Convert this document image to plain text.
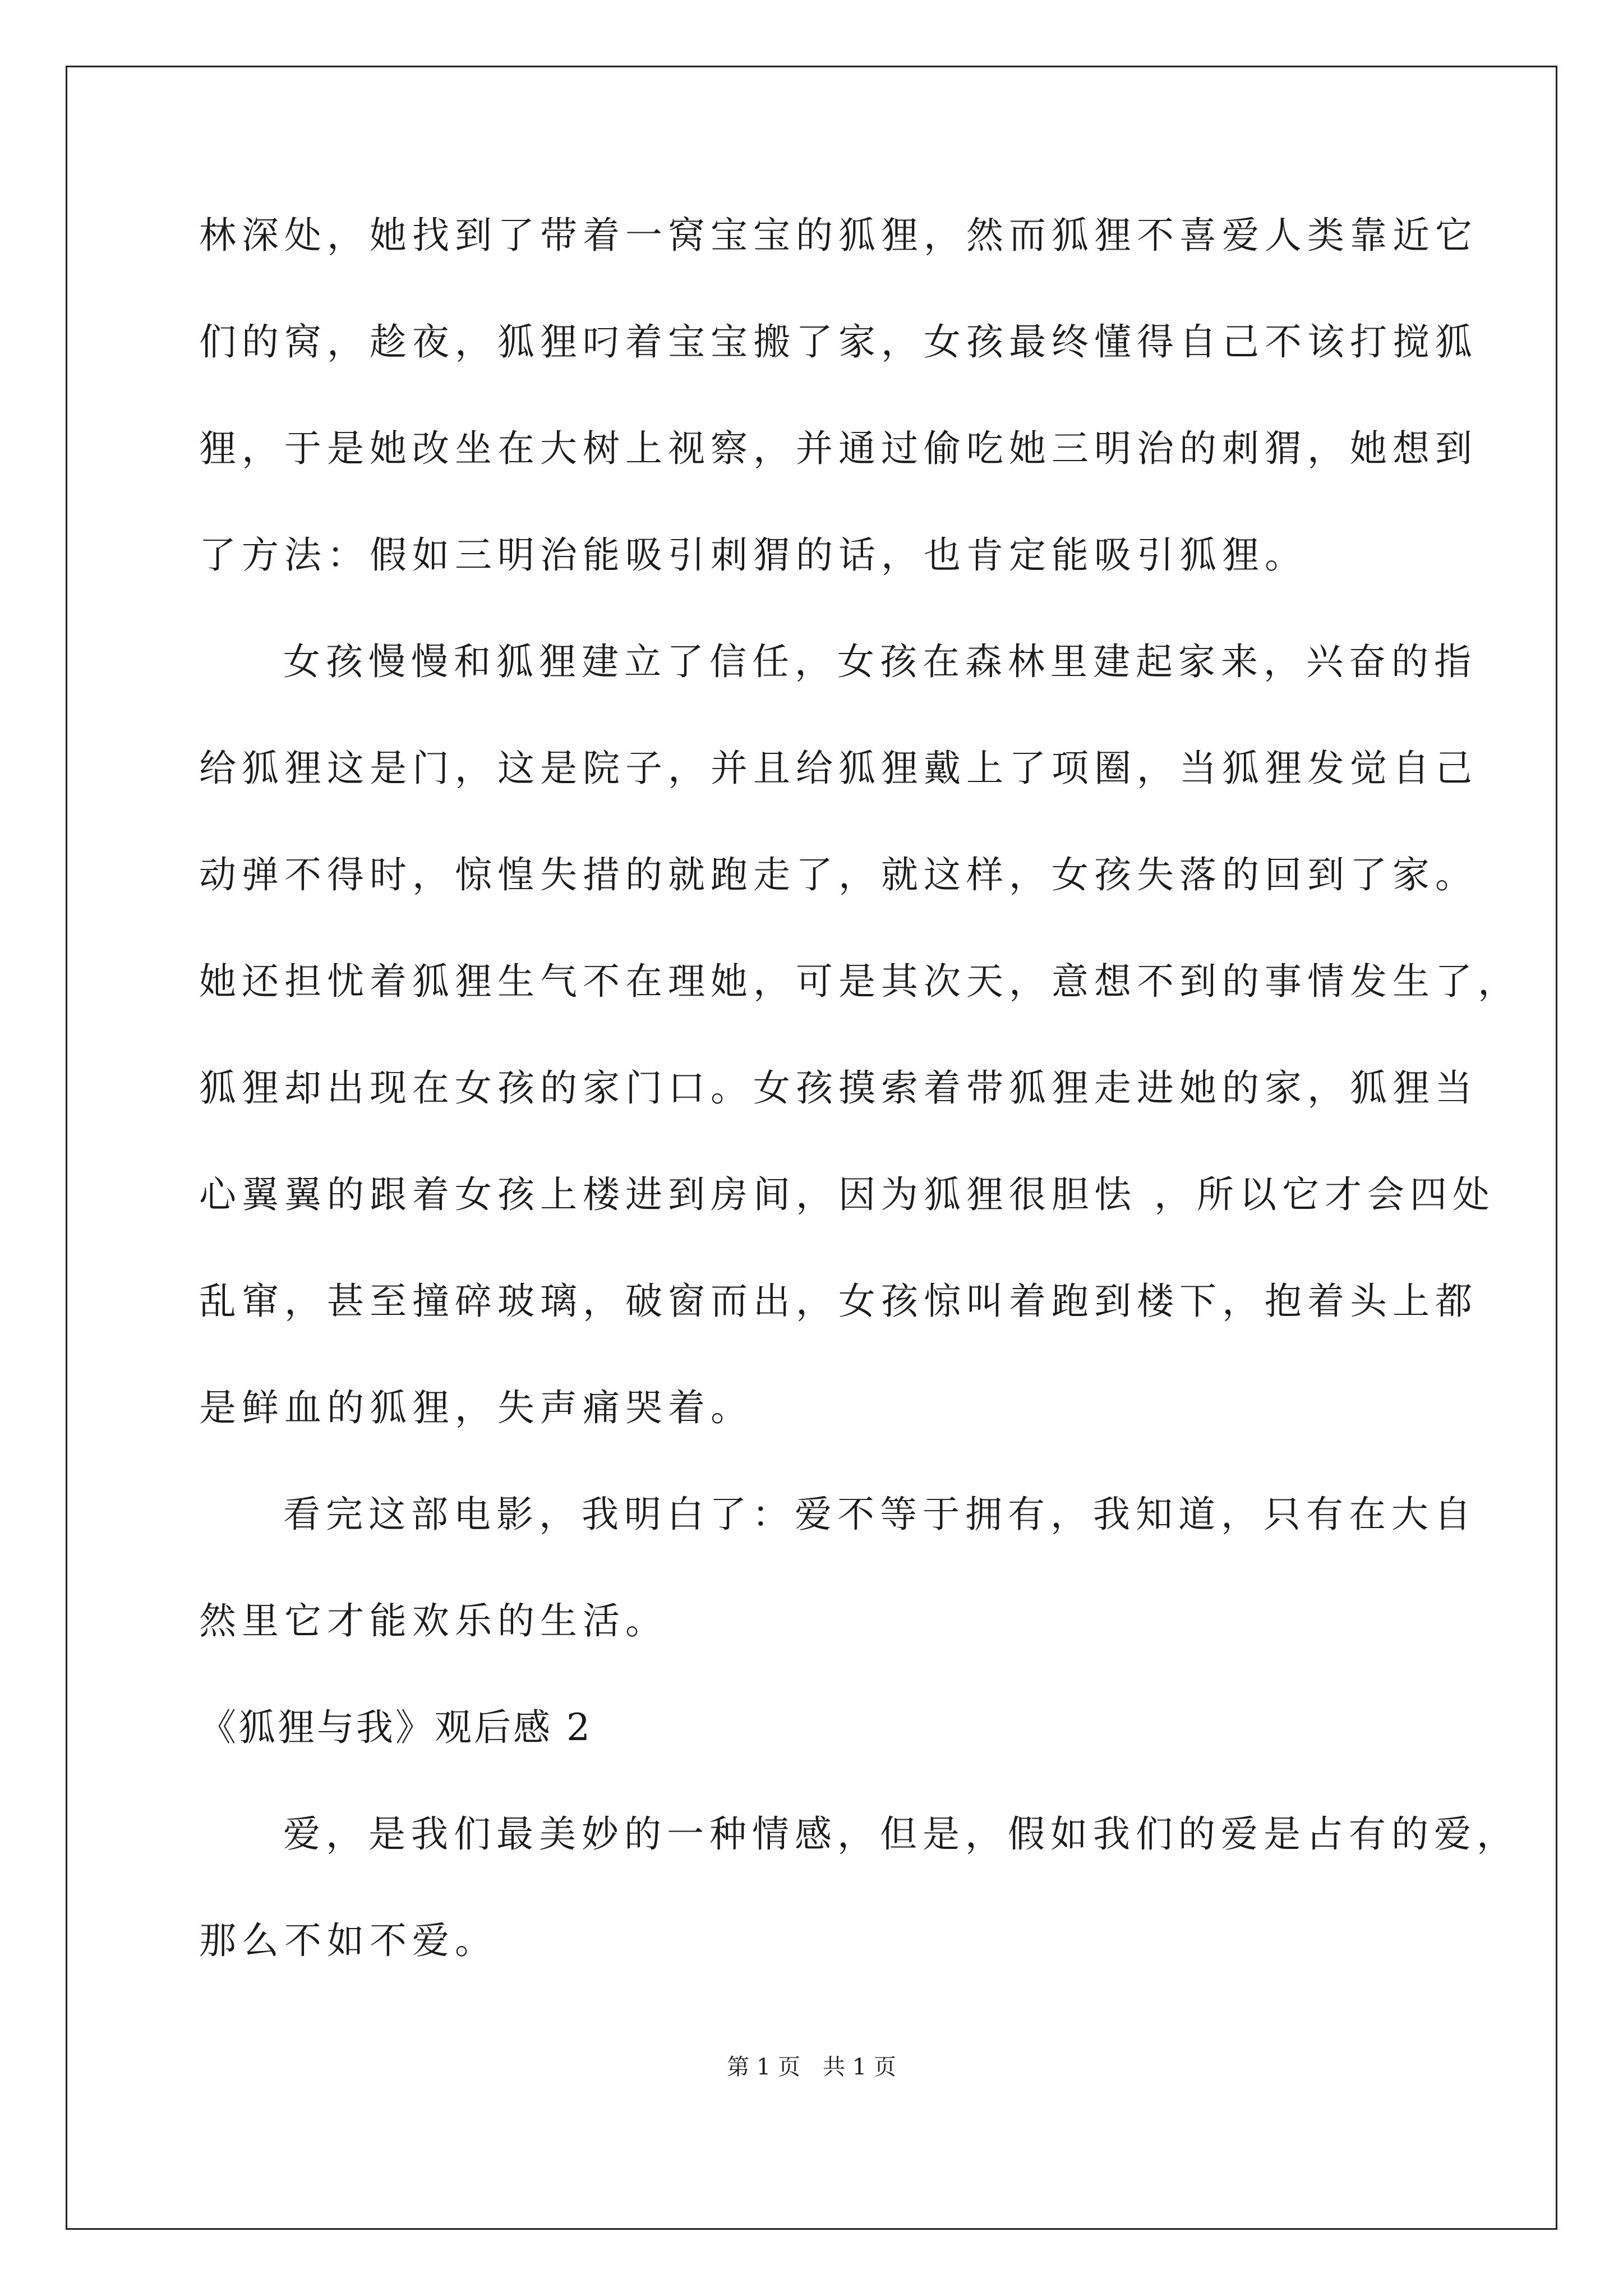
林深处，她找到了带着一窝宝宝的狐狸，然而狐狸不喜爱人类靠近它
们的窝，趁夜，狐狸叼着宝宝搬了家，女孩最终懂得自己不该打搅狐
狸，于是她改坐在大树上视察，并通过偷吃她三明治的刺猬，她想到
了方法：假如三明治能吸引刺猬的话，也肯定能吸引狐狸。
女孩慢慢和狐狸建立了信任，女孩在森林里建起家来，兴奋的指
给狐狸这是门，这是院子，并且给狐狸戴上了项圈，当狐狸发觉自己
动弹不得时，惊惶失措的就跑走了，就这样，女孩失落的回到了家。
她还担忧着狐狸生气不在理她，可是其次天，意想不到的事情发生了，
狐狸却出现在女孩的家门口。女孩摸索着带狐狸走进她的家，狐狸当
心翼翼的跟着女孩上楼进到房间，因为狐狸很胆怯 ，所以它才会四处
乱窜，甚至撞碎玻璃，破窗而出，女孩惊叫着跑到楼下，抱着头上都
是鲜血的狐狸，失声痛哭着。
看完这部电影，我明白了：爱不等于拥有，我知道，只有在大自
然里它才能欢乐的生活。
《狐狸与我》观后感 2
爱，是我们最美妙的一种情感，但是，假如我们的爱是占有的爱，
那么不如不爱。
第 1 页　共 1 页
